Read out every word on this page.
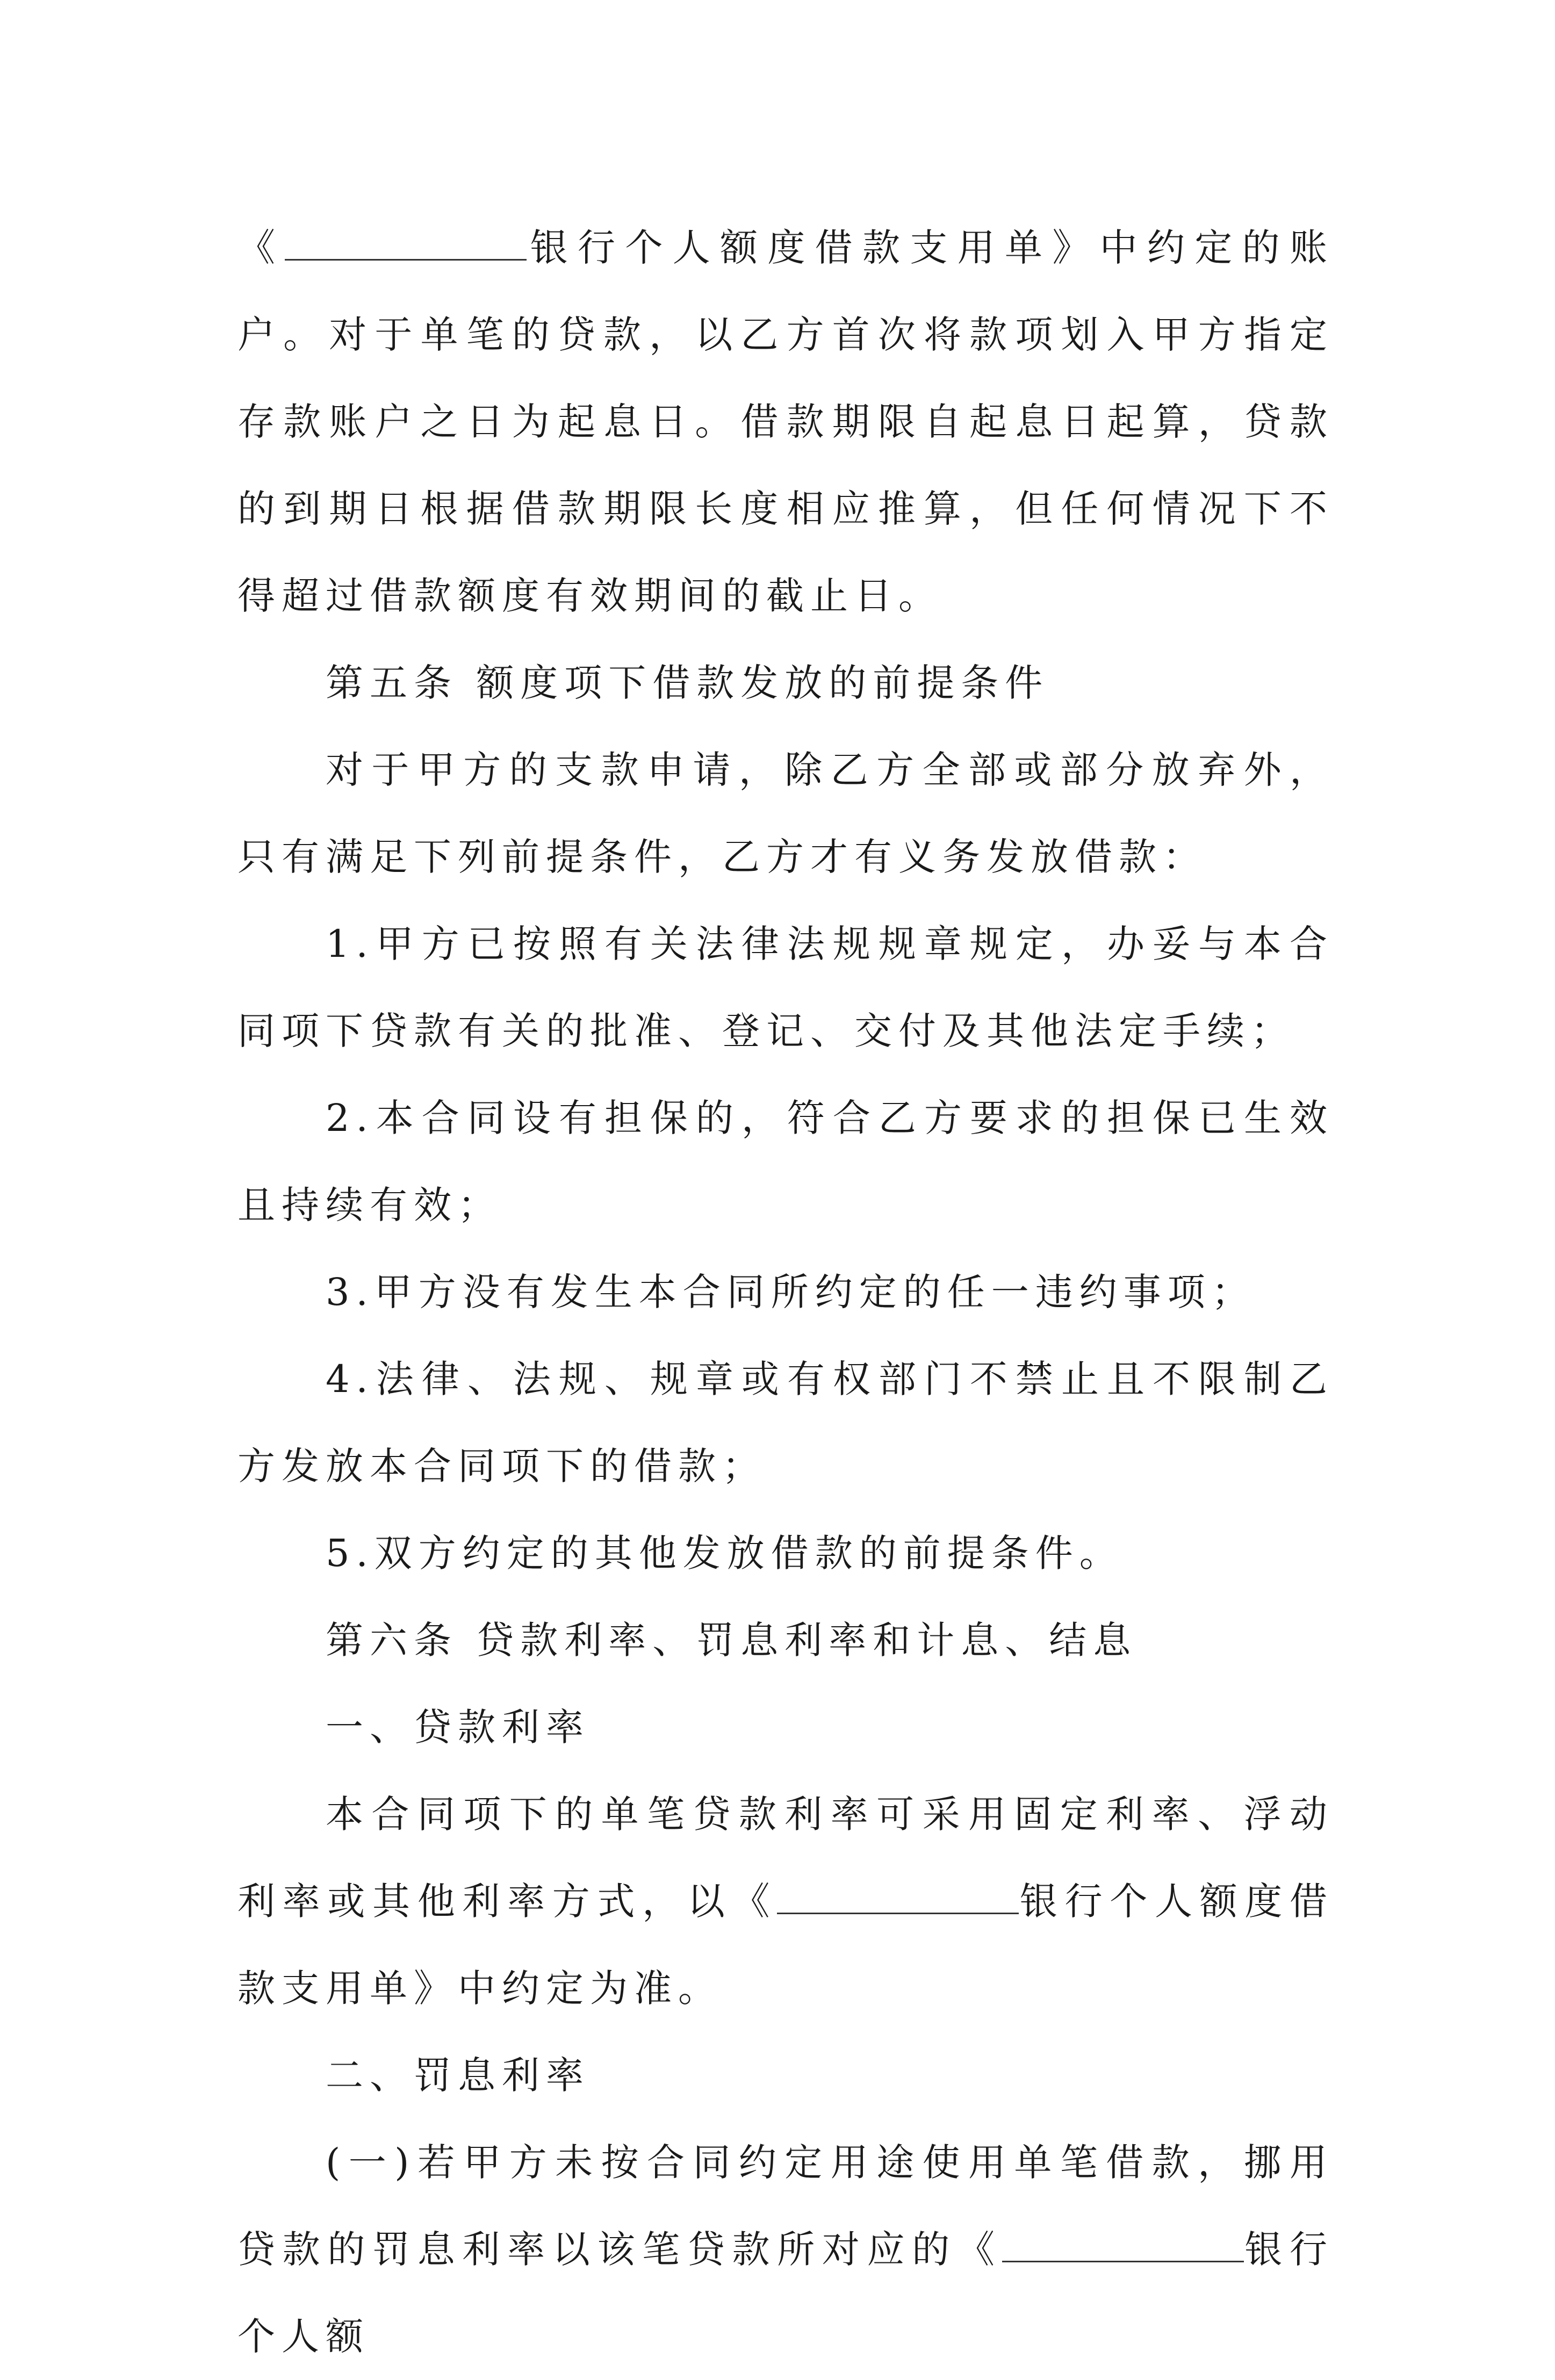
《	银行个人额度借款支用单》中约定的账户。对于单笔的贷款，以乙方首次将款项划入甲方指定存款账户之日为起息日。借款期限自起息日起算，贷款的到期日根据借款期限长度相应推算，但任何情况下不得超过借款额度有效期间的截止日。

第五条 额度项下借款发放的前提条件

对于甲方的支款申请，除乙方全部或部分放弃外，只有满足下列前提条件，乙方才有义务发放借款：

1.甲方已按照有关法律法规规章规定，办妥与本合同项下贷款有关的批准、登记、交付及其他法定手续；

2.本合同设有担保的，符合乙方要求的担保已生效且持续有效；

3.甲方没有发生本合同所约定的任一违约事项；

4.法律、法规、规章或有权部门不禁止且不限制乙方发放本合同项下的借款；

5.双方约定的其他发放借款的前提条件。

第六条 贷款利率、罚息利率和计息、结息

一、贷款利率

本合同项下的单笔贷款利率可采用固定利率、浮动利率或其他利率方式，以《	银行个人额度借款支用单》中约定为准。

二、罚息利率

(一)若甲方未按合同约定用途使用单笔借款，挪用贷款的罚息利率以该笔贷款所对应的《	银行个人额
